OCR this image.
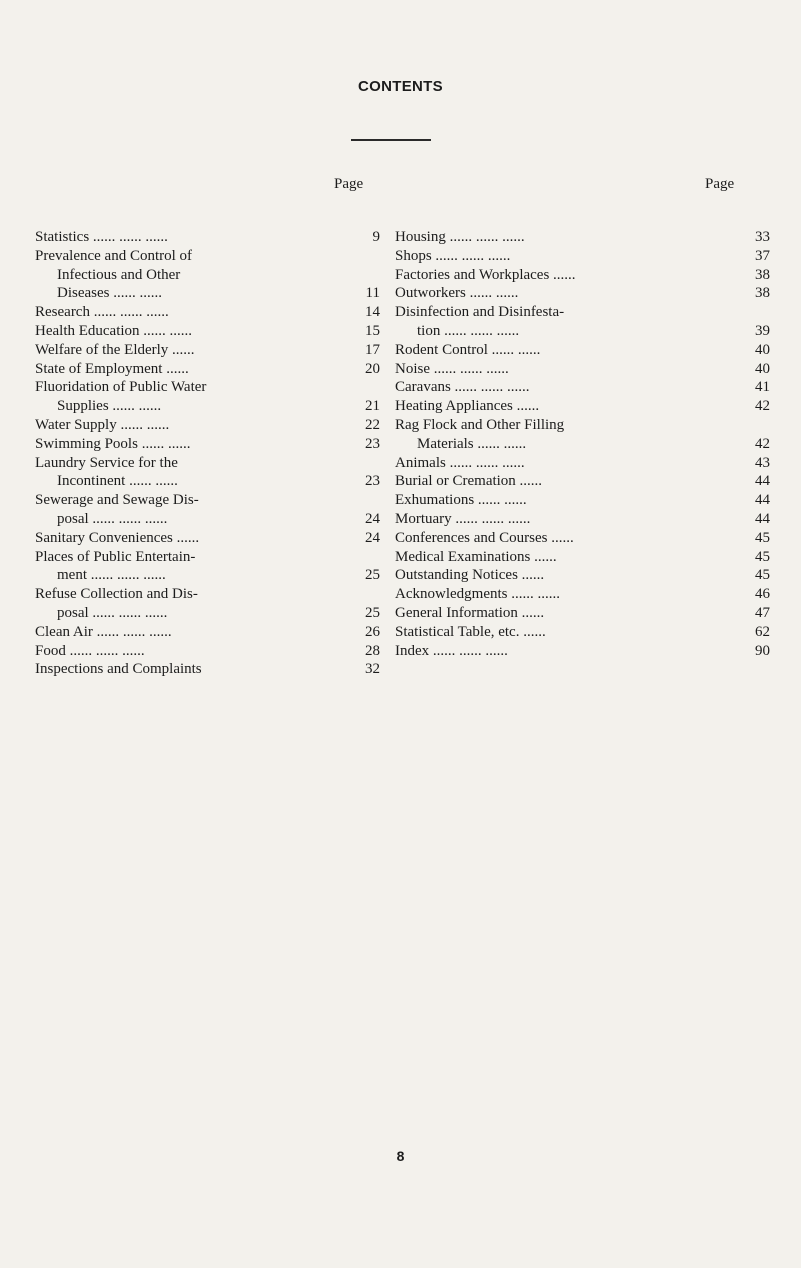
CONTENTS
Page	Page
Statistics ...... ...... ......	9
Prevalence and Control of
Infectious and Other
Diseases ...... ......	11
Research ...... ...... ......	14
Health Education ...... ......	15
Welfare of the Elderly ......	17
State of Employment ......	20
Fluoridation of Public Water
Supplies ...... ......	21
Water Supply ...... ......	22
Swimming Pools ...... ......	23
Laundry Service for the
Incontinent ...... ......	23
Sewerage and Sewage Dis-
posal ...... ...... ......	24
Sanitary Conveniences ......	24
Places of Public Entertain-
ment ...... ...... ......	25
Refuse Collection and Dis-
posal ...... ...... ......	25
Clean Air ...... ...... ......	26
Food ...... ...... ......	28
Inspections and Complaints	32
Housing ...... ...... ......	33
Shops ...... ...... ......	37
Factories and Workplaces ......	38
Outworkers ...... ......	38
Disinfection and Disinfesta-
tion ...... ...... ......	39
Rodent Control ...... ......	40
Noise ...... ...... ......	40
Caravans ...... ...... ......	41
Heating Appliances ......	42
Rag Flock and Other Filling
Materials ...... ......	42
Animals ...... ...... ......	43
Burial or Cremation ......	44
Exhumations ...... ......	44
Mortuary ...... ...... ......	44
Conferences and Courses ......	45
Medical Examinations ......	45
Outstanding Notices ......	45
Acknowledgments ...... ......	46
General Information ......	47
Statistical Table, etc. ......	62
Index ...... ...... ......	90
8
